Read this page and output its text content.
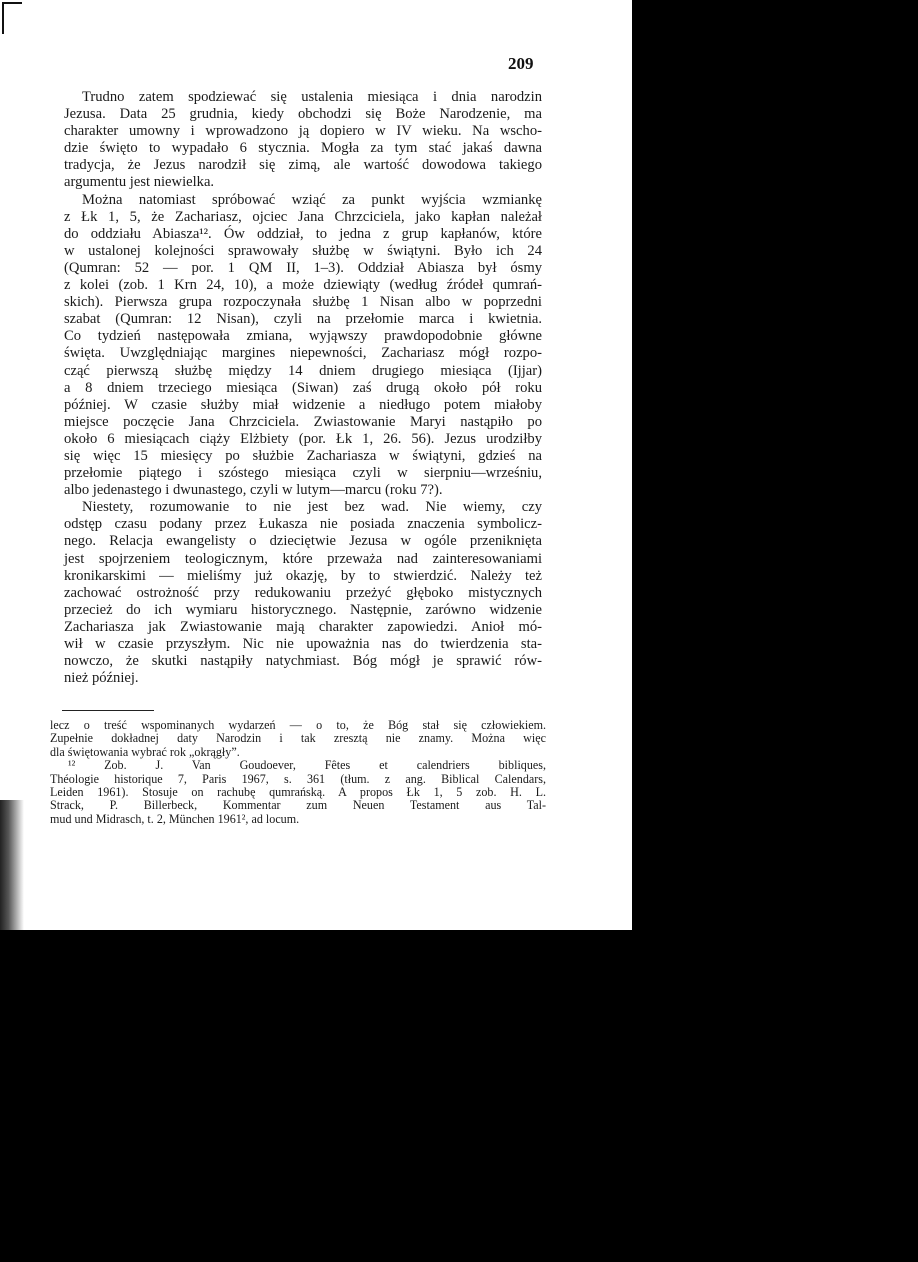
209
Trudno zatem spodziewać się ustalenia miesiąca i dnia narodzin
Jezusa. Data 25 grudnia, kiedy obchodzi się Boże Narodzenie, ma
charakter umowny i wprowadzono ją dopiero w IV wieku. Na wscho-
dzie święto to wypadało 6 stycznia. Mogła za tym stać jakaś dawna
tradycja, że Jezus narodził się zimą, ale wartość dowodowa takiego
argumentu jest niewielka.
Można natomiast spróbować wziąć za punkt wyjścia wzmiankę
z Łk 1, 5, że Zachariasz, ojciec Jana Chrzciciela, jako kapłan należał
do oddziału Abiasza¹². Ów oddział, to jedna z grup kapłanów, które
w ustalonej kolejności sprawowały służbę w świątyni. Było ich 24
(Qumran: 52 — por. 1 QM II, 1–3). Oddział Abiasza był ósmy
z kolei (zob. 1 Krn 24, 10), a może dziewiąty (według źródeł qumrań-
skich). Pierwsza grupa rozpoczynała służbę 1 Nisan albo w poprzedni
szabat (Qumran: 12 Nisan), czyli na przełomie marca i kwietnia.
Co tydzień następowała zmiana, wyjąwszy prawdopodobnie główne
święta. Uwzględniając margines niepewności, Zachariasz mógł rozpo-
cząć pierwszą służbę między 14 dniem drugiego miesiąca (Ijjar)
a 8 dniem trzeciego miesiąca (Siwan) zaś drugą około pół roku
później. W czasie służby miał widzenie a niedługo potem miałoby
miejsce poczęcie Jana Chrzciciela. Zwiastowanie Maryi nastąpiło po
około 6 miesiącach ciąży Elżbiety (por. Łk 1, 26. 56). Jezus urodziłby
się więc 15 miesięcy po służbie Zachariasza w świątyni, gdzieś na
przełomie piątego i szóstego miesiąca czyli w sierpniu—wrześniu,
albo jedenastego i dwunastego, czyli w lutym—marcu (roku 7?).
Niestety, rozumowanie to nie jest bez wad. Nie wiemy, czy
odstęp czasu podany przez Łukasza nie posiada znaczenia symbolicz-
nego. Relacja ewangelisty o dzieciętwie Jezusa w ogóle przeniknięta
jest spojrzeniem teologicznym, które przeważa nad zainteresowaniami
kronikarskimi — mieliśmy już okazję, by to stwierdzić. Należy też
zachować ostrożność przy redukowaniu przeżyć głęboko mistycznych
przecież do ich wymiaru historycznego. Następnie, zarówno widzenie
Zachariasza jak Zwiastowanie mają charakter zapowiedzi. Anioł mó-
wił w czasie przyszłym. Nic nie upoważnia nas do twierdzenia sta-
nowczo, że skutki nastąpiły natychmiast. Bóg mógł je sprawić rów-
nież później.
lecz o treść wspominanych wydarzeń — o to, że Bóg stał się człowiekiem.
Zupełnie dokładnej daty Narodzin i tak zresztą nie znamy. Można więc
dla świętowania wybrać rok „okrągły”.
¹² Zob. J. Van Goudoever, Fêtes et calendriers bibliques,
Théologie historique 7, Paris 1967, s. 361 (tłum. z ang. Biblical Calendars,
Leiden 1961). Stosuje on rachubę qumrańską. A propos Łk 1, 5 zob. H. L.
Strack, P. Billerbeck, Kommentar zum Neuen Testament aus Tal-
mud und Midrasch, t. 2, München 1961², ad locum.
